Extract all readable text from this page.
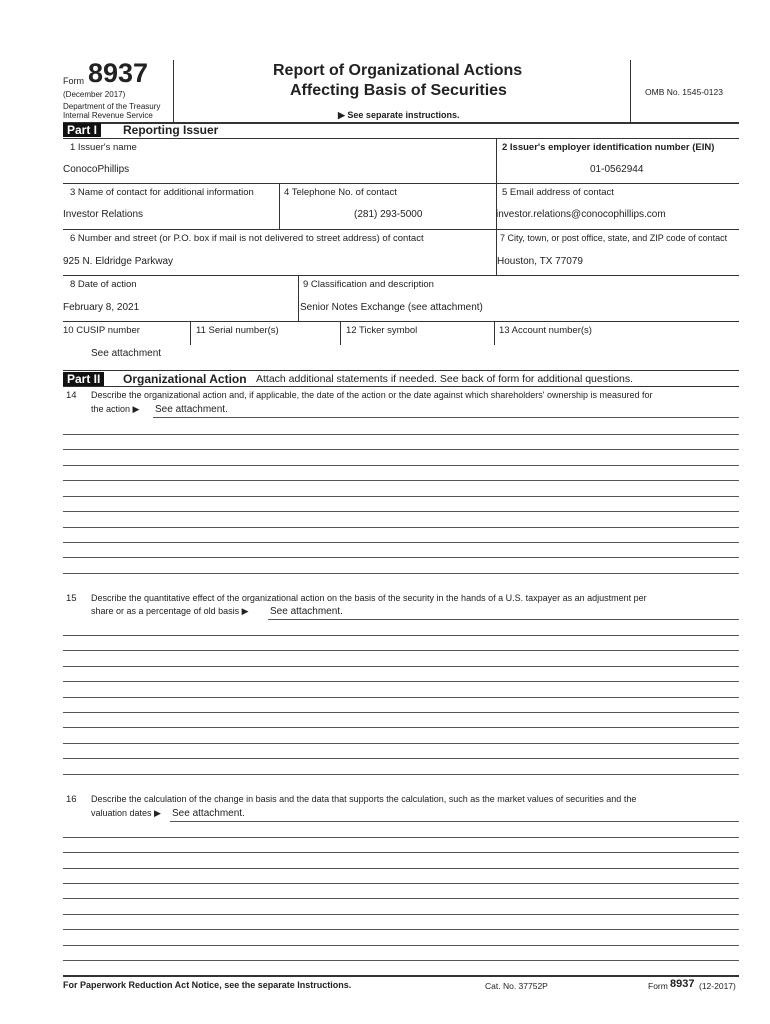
Form 8937
(December 2017)
Department of the Treasury
Internal Revenue Service
Report of Organizational Actions
Affecting Basis of Securities
▶ See separate instructions.
OMB No. 1545-0123
Part I	Reporting Issuer
1 Issuer's name
ConocoPhillips
2 Issuer's employer identification number (EIN)
01-0562944
3 Name of contact for additional information
Investor Relations
4 Telephone No. of contact
(281) 293-5000
5 Email address of contact
investor.relations@conocophillips.com
6 Number and street (or P.O. box if mail is not delivered to street address) of contact
925 N. Eldridge Parkway
7 City, town, or post office, state, and ZIP code of contact
Houston, TX 77079
8 Date of action
February 8, 2021
9 Classification and description
Senior Notes Exchange (see attachment)
10 CUSIP number
See attachment
11 Serial number(s)	12 Ticker symbol	13 Account number(s)
Part II	Organizational Action Attach additional statements if needed. See back of form for additional questions.
14 Describe the organizational action and, if applicable, the date of the action or the date against which shareholders' ownership is measured for
the action ▶ See attachment.
15 Describe the quantitative effect of the organizational action on the basis of the security in the hands of a U.S. taxpayer as an adjustment per
share or as a percentage of old basis ▶ See attachment.
16 Describe the calculation of the change in basis and the data that supports the calculation, such as the market values of securities and the
valuation dates ▶ See attachment.
For Paperwork Reduction Act Notice, see the separate Instructions.	Cat. No. 37752P	Form 8937 (12-2017)
